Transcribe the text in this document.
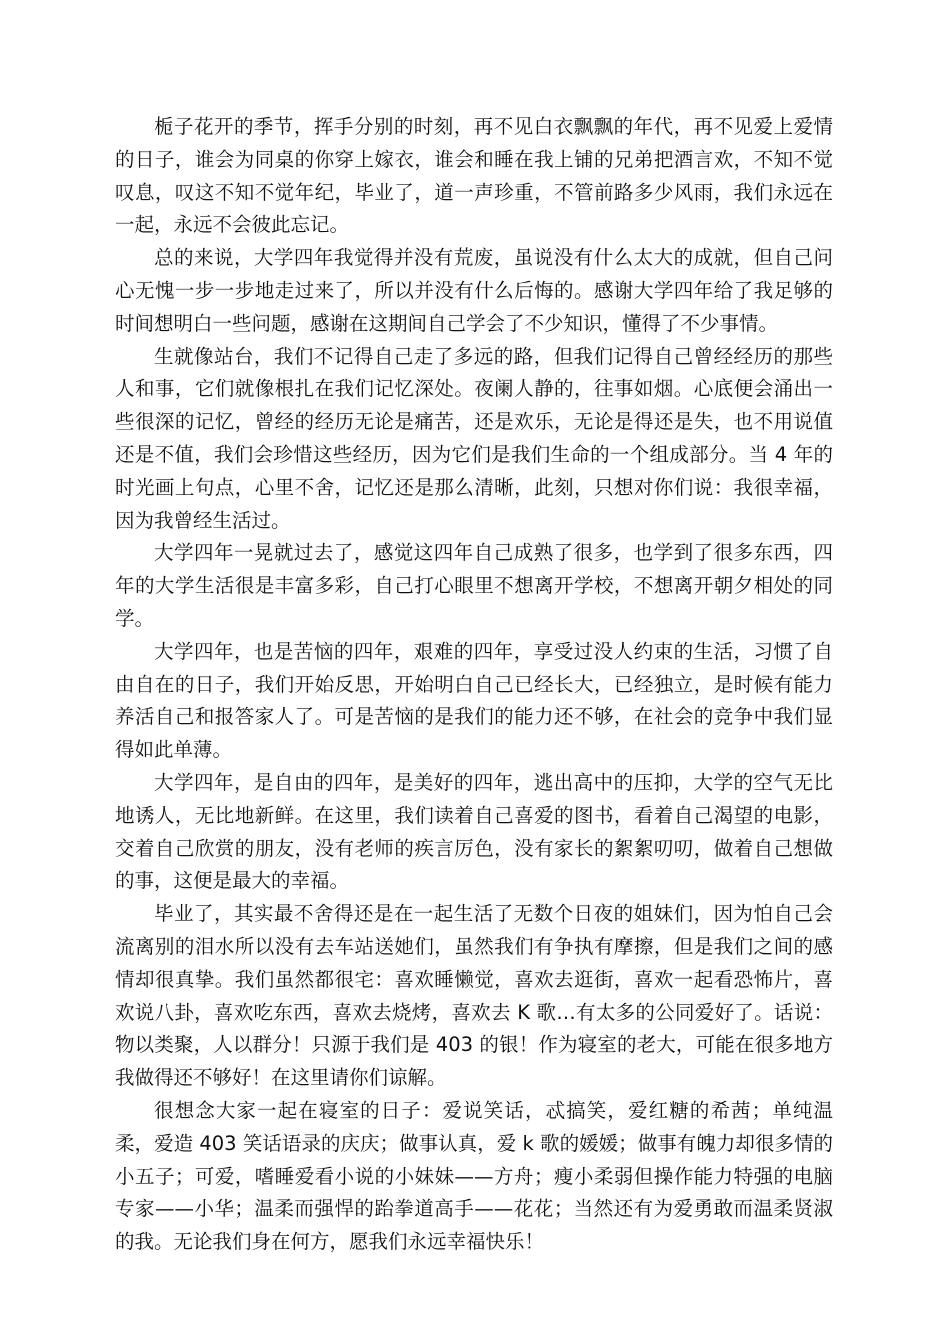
栀子花开的季节，挥手分别的时刻，再不见白衣飘飘的年代，再不见爱上爱情的日子，谁会为同桌的你穿上嫁衣，谁会和睡在我上铺的兄弟把酒言欢，不知不觉叹息，叹这不知不觉年纪，毕业了，道一声珍重，不管前路多少风雨，我们永远在一起，永远不会彼此忘记。

总的来说，大学四年我觉得并没有荒废，虽说没有什么太大的成就，但自己问心无愧一步一步地走过来了，所以并没有什么后悔的。感谢大学四年给了我足够的时间想明白一些问题，感谢在这期间自己学会了不少知识，懂得了不少事情。

生就像站台，我们不记得自己走了多远的路，但我们记得自己曾经经历的那些人和事，它们就像根扎在我们记忆深处。夜阑人静的，往事如烟。心底便会涌出一些很深的记忆，曾经的经历无论是痛苦，还是欢乐，无论是得还是失，也不用说值还是不值，我们会珍惜这些经历，因为它们是我们生命的一个组成部分。当 4 年的时光画上句点，心里不舍，记忆还是那么清晰，此刻，只想对你们说：我很幸福，因为我曾经生活过。

大学四年一晃就过去了，感觉这四年自己成熟了很多，也学到了很多东西，四年的大学生活很是丰富多彩，自己打心眼里不想离开学校，不想离开朝夕相处的同学。

大学四年，也是苦恼的四年，艰难的四年，享受过没人约束的生活，习惯了自由自在的日子，我们开始反思，开始明白自己已经长大，已经独立，是时候有能力养活自己和报答家人了。可是苦恼的是我们的能力还不够，在社会的竞争中我们显得如此单薄。

大学四年，是自由的四年，是美好的四年，逃出高中的压抑，大学的空气无比地诱人，无比地新鲜。在这里，我们读着自己喜爱的图书，看着自己渴望的电影，交着自己欣赏的朋友，没有老师的疾言厉色，没有家长的絮絮叨叨，做着自己想做的事，这便是最大的幸福。

毕业了，其实最不舍得还是在一起生活了无数个日夜的姐妹们，因为怕自己会流离别的泪水所以没有去车站送她们，虽然我们有争执有摩擦，但是我们之间的感情却很真挚。我们虽然都很宅：喜欢睡懒觉，喜欢去逛街，喜欢一起看恐怖片，喜欢说八卦，喜欢吃东西，喜欢去烧烤，喜欢去 K 歌…有太多的公同爱好了。话说：物以类聚，人以群分！只源于我们是 403 的银！作为寝室的老大，可能在很多地方我做得还不够好！在这里请你们谅解。

很想念大家一起在寝室的日子：爱说笑话，忒搞笑，爱红糖的希茜；单纯温柔，爱造 403 笑话语录的庆庆；做事认真，爱 k 歌的媛媛；做事有魄力却很多情的小五子；可爱，嗜睡爱看小说的小妹妹——方舟；瘦小柔弱但操作能力特强的电脑专家——小华；温柔而强悍的跆拳道高手——花花；当然还有为爱勇敢而温柔贤淑的我。无论我们身在何方，愿我们永远幸福快乐！
